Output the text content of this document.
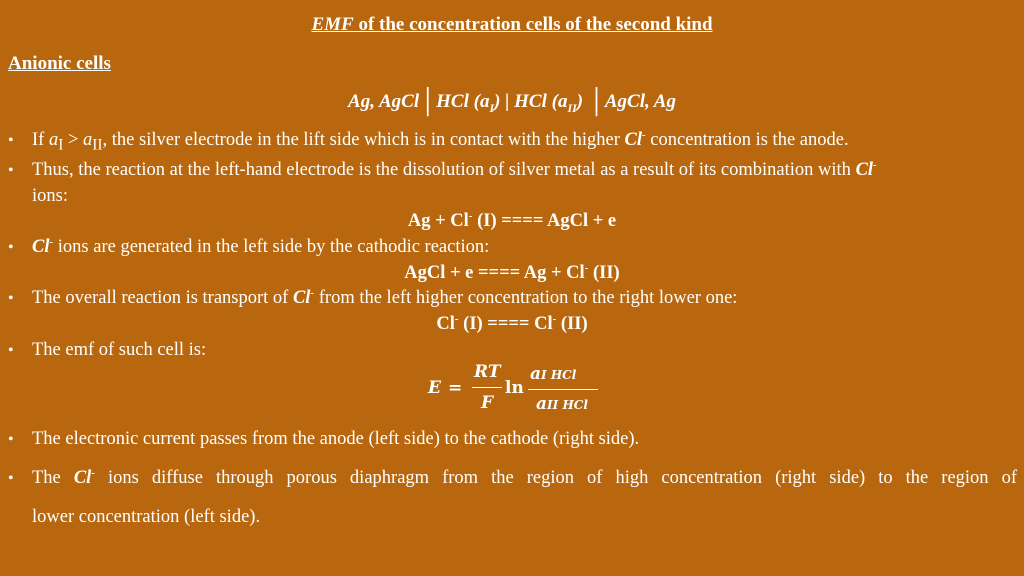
EMF of the concentration cells of the second kind
Anionic cells
Ag, AgCl│HCl $(a_I)$ | HCl $(a_{II})$ │AgCl, Ag
• If $a_I > a_{II}$, the silver electrode in the lift side which is in contact with the higher Cl- concentration is the anode.
• Thus, the reaction at the left-hand electrode is the dissolution of silver metal as a result of its combination with Cl-
ions:
Ag + Cl- (I) ==== AgCl + e
• Cl- ions are generated in the left side by the cathodic reaction:
AgCl + e ==== Ag + Cl- (II)
• The overall reaction is transport of Cl- from the left higher concentration to the right lower one:
Cl- (I) ==== Cl- (II)
• The emf of such cell is:
E =
RT
F
ln
aI HCl
aII HCl
• The electronic current passes from the anode (left side) to the cathode (right side).
• The Cl- ions diffuse through porous diaphragm from the region of high concentration (right side) to the region of
lower concentration (left side).
